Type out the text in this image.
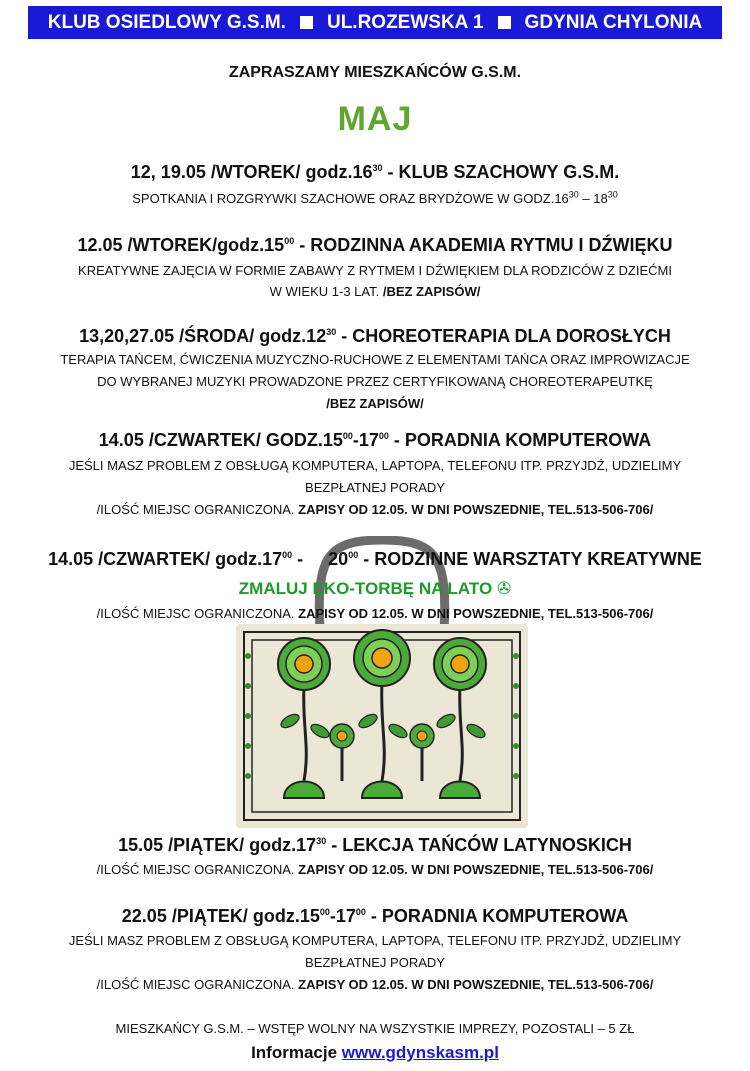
KLUB OSIEDLOWY G.S.M. UL.ROZEWSKA 1 GDYNIA CHYLONIA
ZAPRASZAMY MIESZKAŃCÓW G.S.M.
MAJ
12, 19.05 /WTOREK/ $godz.16^{30}$ - KLUB SZACHOWY G.S.M.
SPOTKANIA I ROZGRYWKI SZACHOWE ORAZ BRYDŻOWE W $GODZ.16^{30} - 18^{30}$
12.05 $/WTOREK/godz.15^{00}$ - RODZINNA AKADEMIA RYTMU I DŹWIĘKU
KREATYWNE ZAJĘCIA W FORMIE ZABAWY Z RYTMEM I DŹWIĘKIEM DLA RODZICÓW Z DZIEĆMI
W WIEKU 1-3 LAT. /BEZ ZAPISÓW/
13,20,27.05 /ŚRODA/ $godz.12^{30}$ - CHOREOTERAPIA DLA DOROSŁYCH
TERAPIA TAŃCEM, ĆWICZENIA MUZYCZNO-RUCHOWE Z ELEMENTAMI TAŃCA ORAZ IMPROWIZACJE
DO WYBRANEJ MUZYKI PROWADZONE PRZEZ CERTYFIKOWANĄ CHOREOTERAPEUTKĘ
/BEZ ZAPISÓW/
14.05 /CZWARTEK/ $GODZ.15^{00}-17^{00}$ - PORADNIA KOMPUTEROWA
JEŚLI MASZ PROBLEM Z OBSŁUGĄ KOMPUTERA, LAPTOPA, TELEFONU ITP. PRZYJDŹ, UDZIELIMY
BEZPŁATNEJ PORADY
/ILOŚĆ MIEJSC OGRANICZONA. ZAPISY OD 12.05. W DNI POWSZEDNIE, TEL.513-506-706/
14.05 /CZWARTEK/ $godz.17^{00}$ -     $20^{00}$ - RODZINNE WARSZTATY KREATYWNE
ZMALUJ EKO-TORBĘ NA LATO ✇
/ILOŚĆ MIEJSC OGRANICZONA. ZAPISY OD 12.05. W DNI POWSZEDNIE, TEL.513-506-706/
15.05 /PIĄTEK/ $godz.17^{30}$ - LEKCJA TAŃCÓW LATYNOSKICH
/ILOŚĆ MIEJSC OGRANICZONA. ZAPISY OD 12.05. W DNI POWSZEDNIE, TEL.513-506-706/
22.05 /PIĄTEK/ $godz.15^{00}-17^{00}$ - PORADNIA KOMPUTEROWA
JEŚLI MASZ PROBLEM Z OBSŁUGĄ KOMPUTERA, LAPTOPA, TELEFONU ITP. PRZYJDŹ, UDZIELIMY
BEZPŁATNEJ PORADY
/ILOŚĆ MIEJSC OGRANICZONA. ZAPISY OD 12.05. W DNI POWSZEDNIE, TEL.513-506-706/
MIESZKAŃCY G.S.M. – WSTĘP WOLNY NA WSZYSTKIE IMPREZY, POZOSTALI – 5 ZŁ
Informacje www.gdynskasm.pl
